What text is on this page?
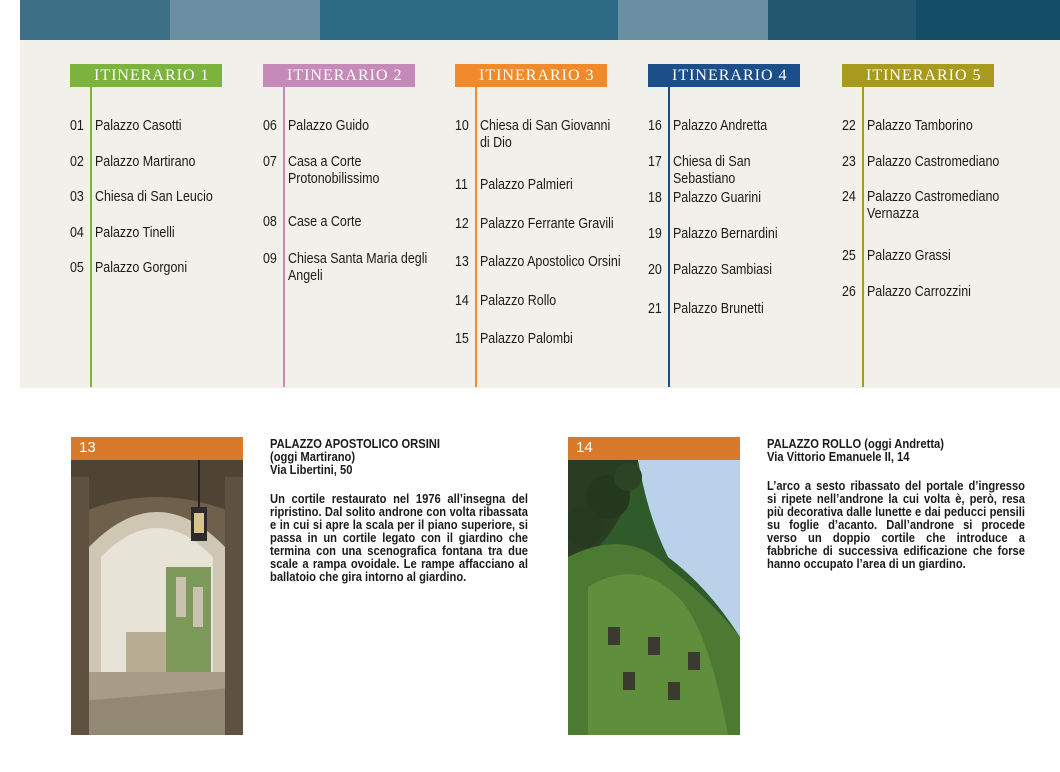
ITINERARIO 1
01 Palazzo Casotti
02 Palazzo Martirano
03 Chiesa di San Leucio
04 Palazzo Tinelli
05 Palazzo Gorgoni
ITINERARIO 2
06 Palazzo Guido
07 Casa a Corte Protonobilissimo
08 Case a Corte
09 Chiesa Santa Maria degli Angeli
ITINERARIO 3
10 Chiesa di San Giovanni di Dio
11 Palazzo Palmieri
12 Palazzo Ferrante Gravili
13 Palazzo Apostolico Orsini
14 Palazzo Rollo
15 Palazzo Palombi
ITINERARIO 4
16 Palazzo Andretta
17 Chiesa di San Sebastiano
18 Palazzo Guarini
19 Palazzo Bernardini
20 Palazzo Sambiasi
21 Palazzo Brunetti
ITINERARIO 5
22 Palazzo Tamborino
23 Palazzo Castromediano
24 Palazzo Castromediano Vernazza
25 Palazzo Grassi
26 Palazzo Carrozzini
13	PALAZZO APOSTOLICO ORSINI
(oggi Martirano)
Via Libertini, 50

Un cortile restaurato nel 1976 all’insegna del ripristino. Dal solito androne con volta ribassata e in cui si apre la scala per il piano superiore, si passa in un cortile legato con il giardino che termina con una scenografica fontana tra due scale a rampa ovoidale. Le rampe affacciano al ballatoio che gira intorno al giardino.

14	PALAZZO ROLLO (oggi Andretta)
Via Vittorio Emanuele II, 14

L’arco a sesto ribassato del portale d’ingresso si ripete nell’androne la cui volta è, però, resa più decorativa dalle lunette e dai peducci pensili su foglie d’acanto. Dall’androne si procede verso un doppio cortile che introduce a fabbriche di successiva edificazione che forse hanno occupato l’area di un giardino.
